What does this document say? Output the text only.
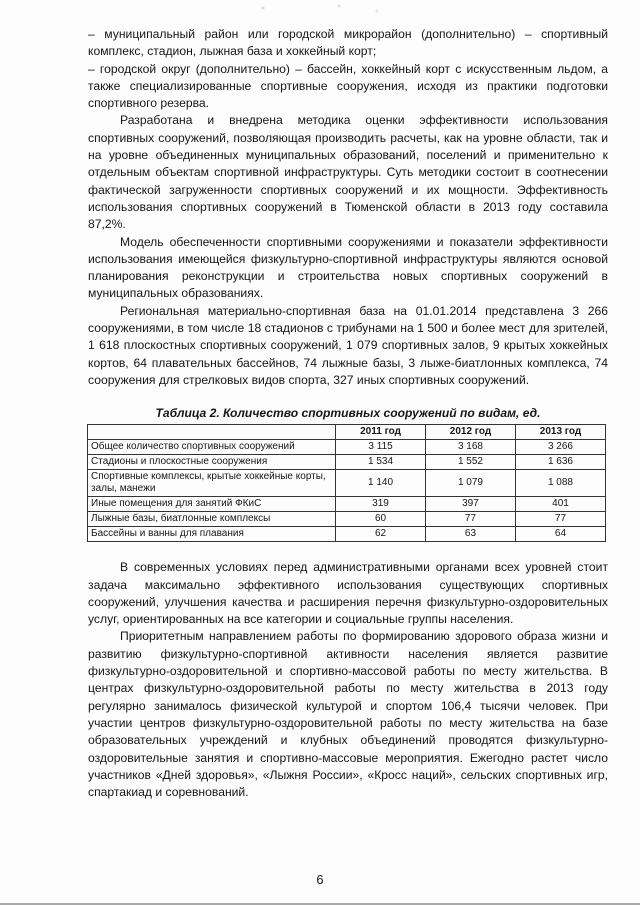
– муниципальный район или городской микрорайон (дополнительно) – спортивный комплекс, стадион, лыжная база и хоккейный корт;

– городской округ (дополнительно) – бассейн, хоккейный корт с искусственным льдом, а также специализированные спортивные сооружения, исходя из практики подготовки спортивного резерва.

Разработана и внедрена методика оценки эффективности использования спортивных сооружений, позволяющая производить расчеты, как на уровне области, так и на уровне объединенных муниципальных образований, поселений и применительно к отдельным объектам спортивной инфраструктуры. Суть методики состоит в соотнесении фактической загруженности спортивных сооружений и их мощности. Эффективность использования спортивных сооружений в Тюменской области в 2013 году составила 87,2%.

Модель обеспеченности спортивными сооружениями и показатели эффективности использования имеющейся физкультурно-спортивной инфраструктуры являются основой планирования реконструкции и строительства новых спортивных сооружений в муниципальных образованиях.

Региональная материально-спортивная база на 01.01.2014 представлена 3 266 сооружениями, в том числе 18 стадионов с трибунами на 1 500 и более мест для зрителей, 1 618 плоскостных спортивных сооружений, 1 079 спортивных залов, 9 крытых хоккейных кортов, 64 плавательных бассейнов, 74 лыжные базы, 3 лыже-биатлонных комплекса, 74 сооружения для стрелковых видов спорта, 327 иных спортивных сооружений.

Таблица 2. Количество спортивных сооружений по видам, ед.
	2011 год	2012 год	2013 год
Общее количество спортивных сооружений	3 115	3 168	3 266
Стадионы и плоскостные сооружения	1 534	1 552	1 636
Спортивные комплексы, крытые хоккейные корты, залы, манежи	1 140	1 079	1 088
Иные помещения для занятий ФКиС	319	397	401
Лыжные базы, биатлонные комплексы	60	77	77
Бассейны и ванны для плавания	62	63	64

В современных условиях перед административными органами всех уровней стоит задача максимально эффективного использования существующих спортивных сооружений, улучшения качества и расширения перечня физкультурно-оздоровительных услуг, ориентированных на все категории и социальные группы населения.

Приоритетным направлением работы по формированию здорового образа жизни и развитию физкультурно-спортивной активности населения является развитие физкультурно-оздоровительной и спортивно-массовой работы по месту жительства. В центрах физкультурно-оздоровительной работы по месту жительства в 2013 году регулярно занималось физической культурой и спортом 106,4 тысячи человек. При участии центров физкультурно-оздоровительной работы по месту жительства на базе образовательных учреждений и клубных объединений проводятся физкультурно-оздоровительные занятия и спортивно-массовые мероприятия. Ежегодно растет число участников «Дней здоровья», «Лыжня России», «Кросс наций», сельских спортивных игр, спартакиад и соревнований.

6
